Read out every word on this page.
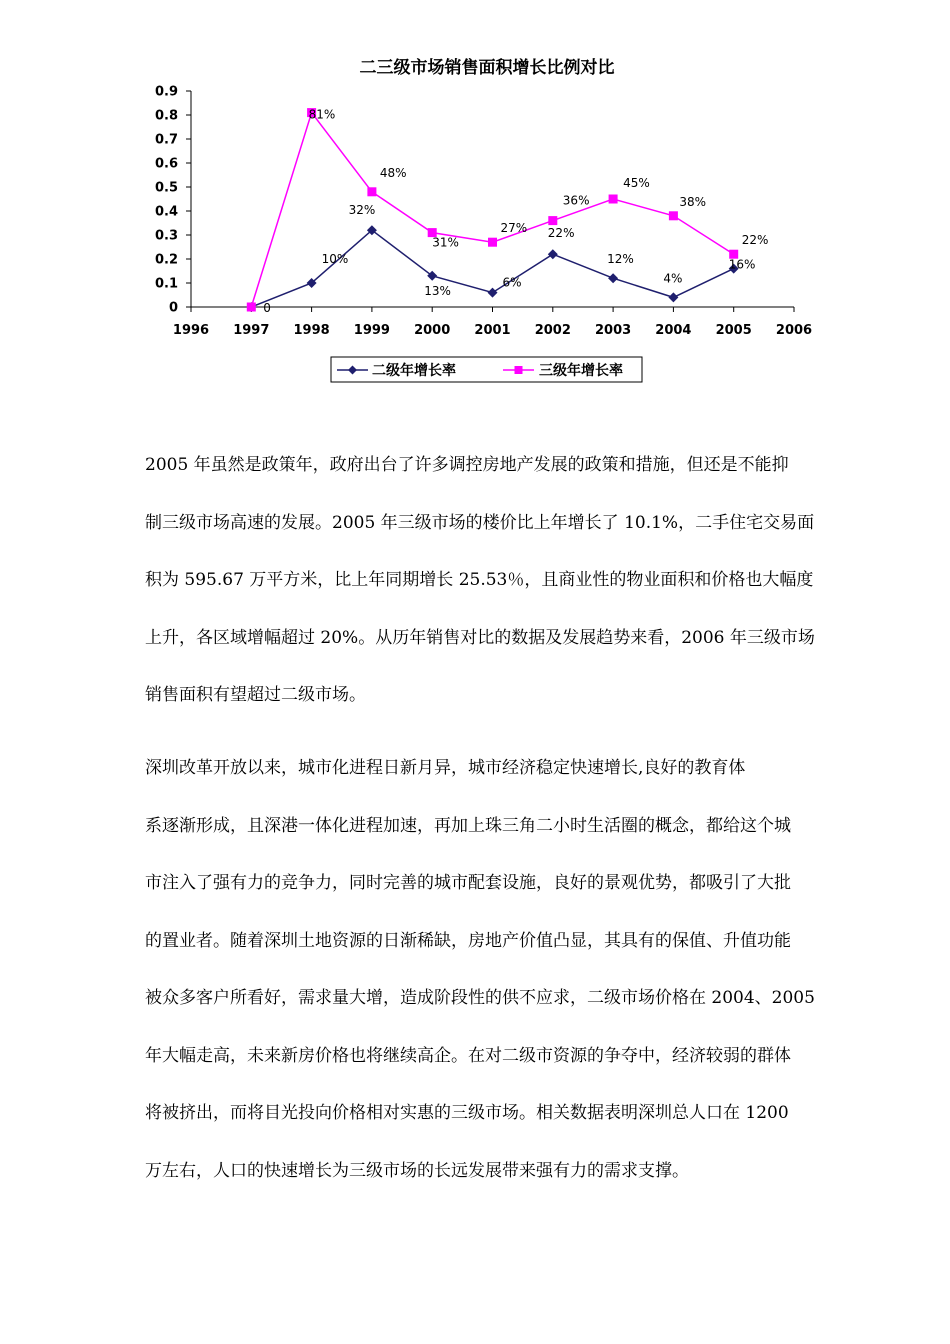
二三级市场销售面积增长比例对比
0
0.1
0.2
0.3
0.4
0.5
0.6
0.7
0.8
0.9
1996 1997 1998 1999 2000 2001 2002 2003 2004 2005 2006
0
10%
32%
13%
6%
22%
12%
4%
16%
81%
48%
31%
27%
36%
45%
38%
22%
二级年增长率	三级年增长率
2005 年虽然是政策年，政府出台了许多调控房地产发展的政策和措施，但还是不能抑
制三级市场高速的发展。2005 年三级市场的楼价比上年增长了 10.1%，二手住宅交易面
积为 595.67 万平方米，比上年同期增长 25.53％，且商业性的物业面积和价格也大幅度
上升，各区域增幅超过 20%。从历年销售对比的数据及发展趋势来看，2006 年三级市场
销售面积有望超过二级市场。
深圳改革开放以来，城市化进程日新月异，城市经济稳定快速增长,良好的教育体
系逐渐形成，且深港一体化进程加速，再加上珠三角二小时生活圈的概念，都给这个城
市注入了强有力的竞争力，同时完善的城市配套设施，良好的景观优势，都吸引了大批
的置业者。随着深圳土地资源的日渐稀缺，房地产价值凸显，其具有的保值、升值功能
被众多客户所看好，需求量大增，造成阶段性的供不应求，二级市场价格在 2004、2005
年大幅走高，未来新房价格也将继续高企。在对二级市资源的争夺中，经济较弱的群体
将被挤出，而将目光投向价格相对实惠的三级市场。相关数据表明深圳总人口在 1200
万左右，人口的快速增长为三级市场的长远发展带来强有力的需求支撑。
